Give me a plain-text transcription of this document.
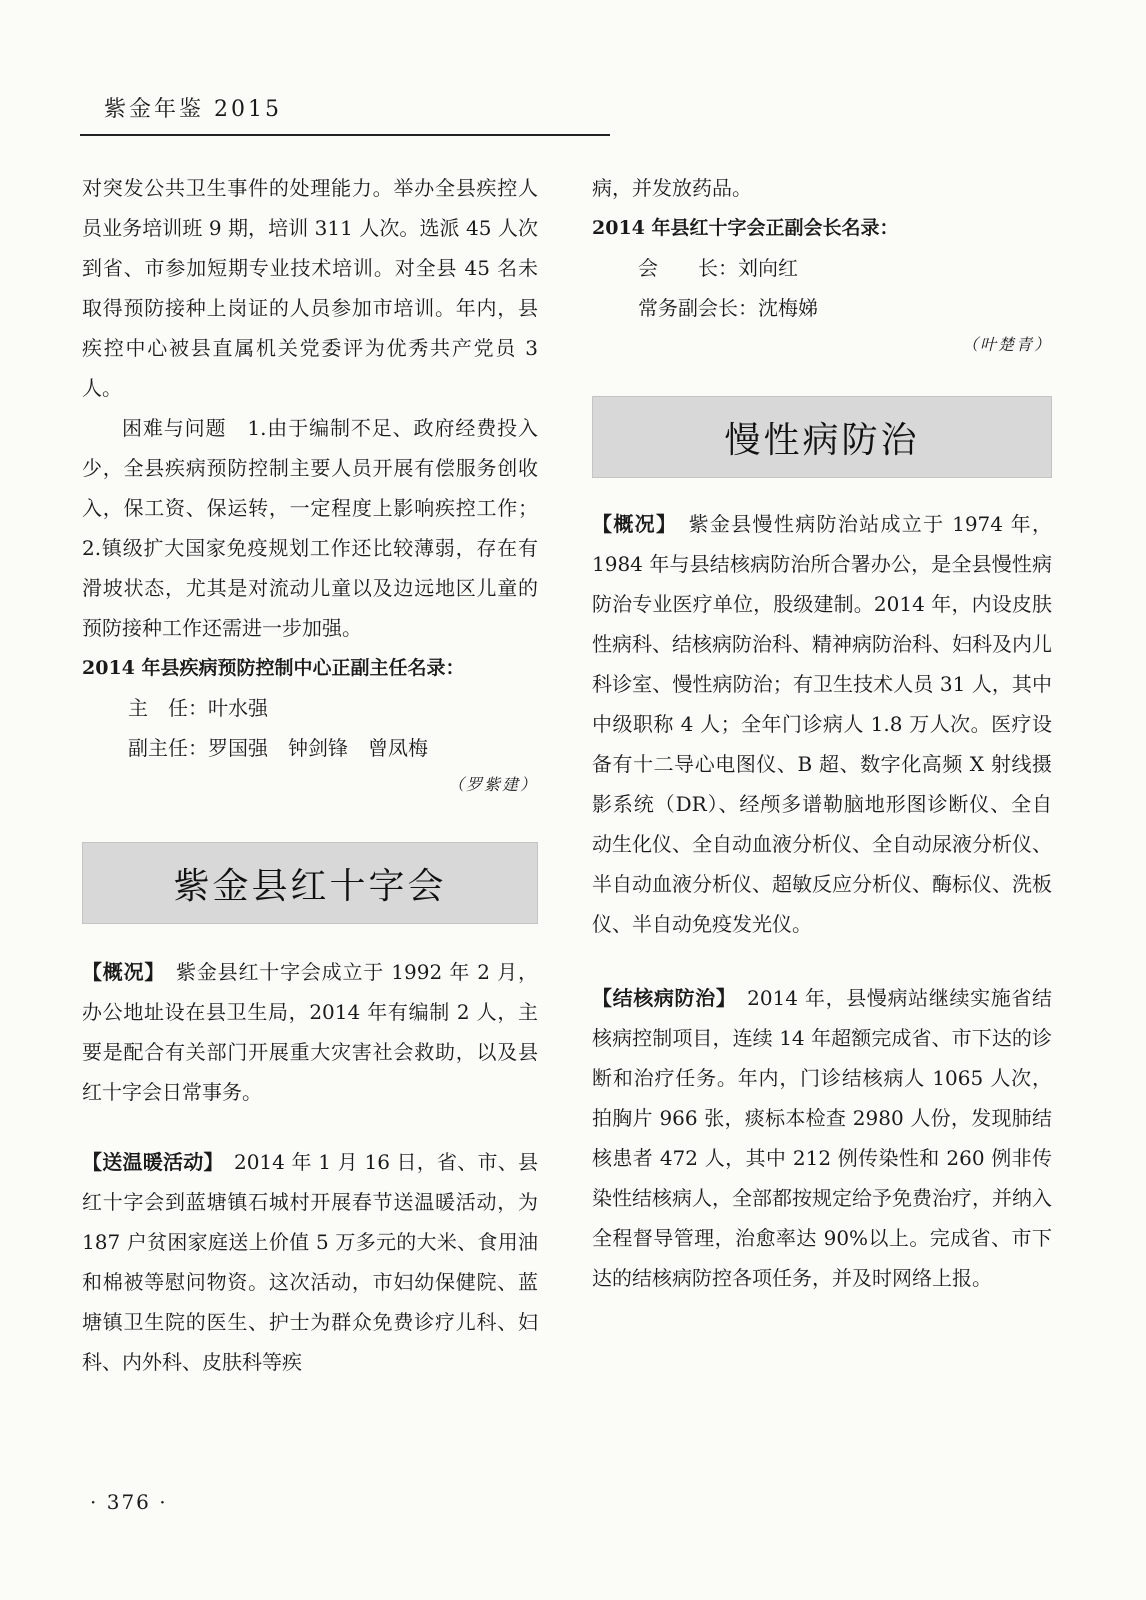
紫金年鉴 2015

对突发公共卫生事件的处理能力。举办全县疾控人员业务培训班 9 期，培训 311 人次。选派 45 人次到省、市参加短期专业技术培训。对全县 45 名未取得预防接种上岗证的人员参加市培训。年内，县疾控中心被县直属机关党委评为优秀共产党员 3 人。

困难与问题　1.由于编制不足、政府经费投入少，全县疾病预防控制主要人员开展有偿服务创收入，保工资、保运转，一定程度上影响疾控工作；2.镇级扩大国家免疫规划工作还比较薄弱，存在有滑坡状态，尤其是对流动儿童以及边远地区儿童的预防接种工作还需进一步加强。

2014 年县疾病预防控制中心正副主任名录：

主　任：叶水强

副主任：罗国强　钟剑锋　曾凤梅

（罗紫建）

紫金县红十字会

【概况】　紫金县红十字会成立于 1992 年 2 月，办公地址设在县卫生局，2014 年有编制 2 人，主要是配合有关部门开展重大灾害社会救助，以及县红十字会日常事务。

【送温暖活动】　2014 年 1 月 16 日，省、市、县红十字会到蓝塘镇石城村开展春节送温暖活动，为 187 户贫困家庭送上价值 5 万多元的大米、食用油和棉被等慰问物资。这次活动，市妇幼保健院、蓝塘镇卫生院的医生、护士为群众免费诊疗儿科、妇科、内外科、皮肤科等疾

病，并发放药品。

2014 年县红十字会正副会长名录：

会　　长：刘向红

常务副会长：沈梅娣

（叶楚青）

慢性病防治

【概况】　紫金县慢性病防治站成立于 1974 年，1984 年与县结核病防治所合署办公，是全县慢性病防治专业医疗单位，股级建制。2014 年，内设皮肤性病科、结核病防治科、精神病防治科、妇科及内儿科诊室、慢性病防治；有卫生技术人员 31 人，其中中级职称 4 人；全年门诊病人 1.8 万人次。医疗设备有十二导心电图仪、B 超、数字化高频 X 射线摄影系统（DR）、经颅多谱勒脑地形图诊断仪、全自动生化仪、全自动血液分析仪、全自动尿液分析仪、半自动血液分析仪、超敏反应分析仪、酶标仪、洗板仪、半自动免疫发光仪。

【结核病防治】　2014 年，县慢病站继续实施省结核病控制项目，连续 14 年超额完成省、市下达的诊断和治疗任务。年内，门诊结核病人 1065 人次，拍胸片 966 张，痰标本检查 2980 人份，发现肺结核患者 472 人，其中 212 例传染性和 260 例非传染性结核病人，全部都按规定给予免费治疗，并纳入全程督导管理，治愈率达 90%以上。完成省、市下达的结核病防控各项任务，并及时网络上报。

· 376 ·
